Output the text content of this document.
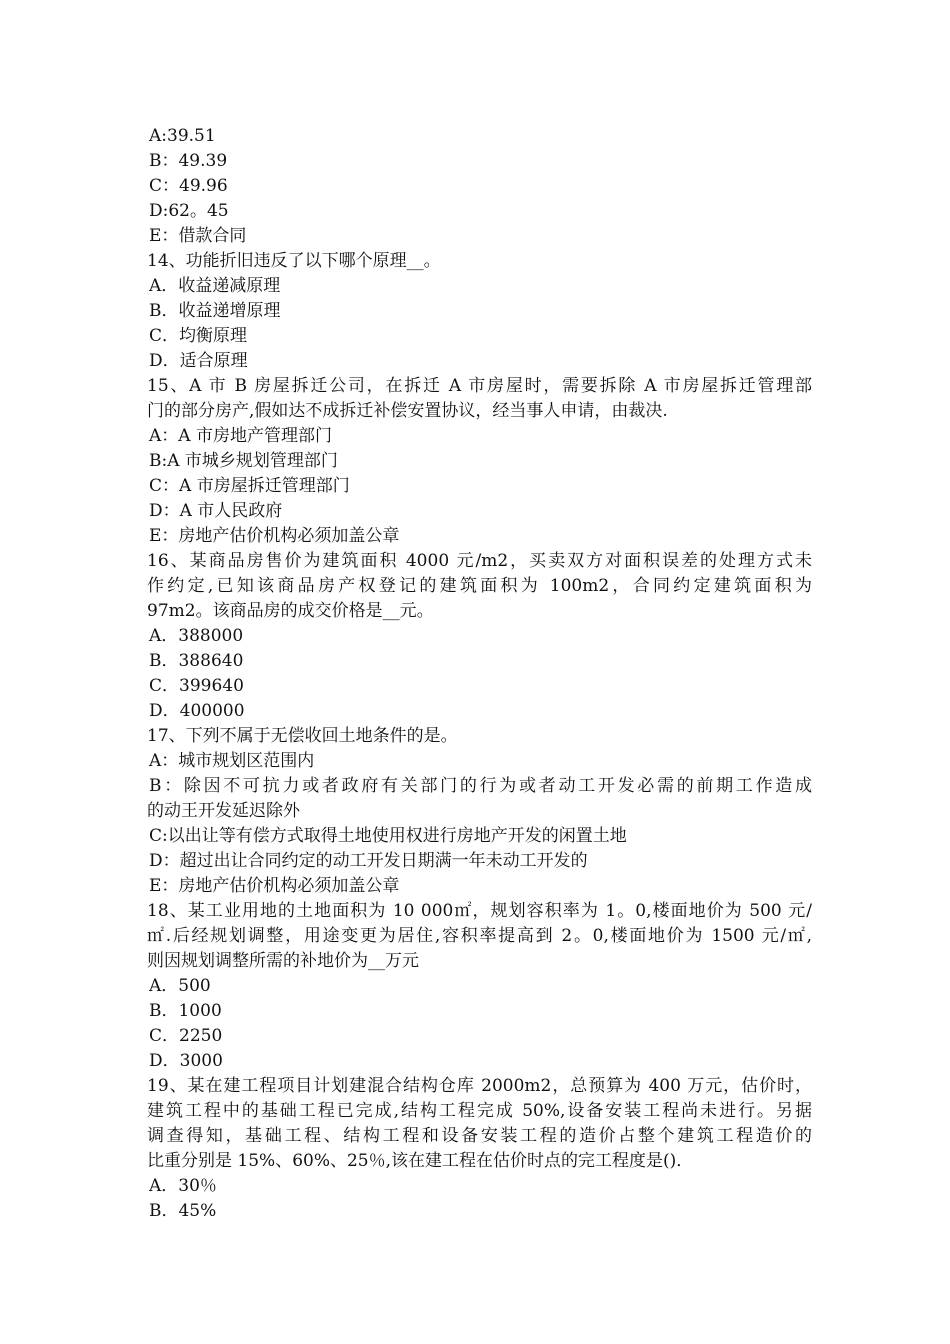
A:39.51
B：49.39
C：49.96
D:62。45
E：借款合同
14、功能折旧违反了以下哪个原理__。
A．收益递减原理
B．收益递增原理
C．均衡原理
D．适合原理
15、A 市 B 房屋拆迁公司，在拆迁 A 市房屋时，需要拆除 A 市房屋拆迁管理部
门的部分房产,假如达不成拆迁补偿安置协议，经当事人申请，由裁决.
A：A 市房地产管理部门
B:A 市城乡规划管理部门
C：A 市房屋拆迁管理部门
D：A 市人民政府
E：房地产估价机构必须加盖公章
16、某商品房售价为建筑面积 4000 元/m2，买卖双方对面积误差的处理方式未
作约定,已知该商品房产权登记的建筑面积为 100m2，合同约定建筑面积为
97m2。该商品房的成交价格是__元。
A．388000
B．388640
C．399640
D．400000
17、下列不属于无偿收回土地条件的是。
A：城市规划区范围内
B：除因不可抗力或者政府有关部门的行为或者动工开发必需的前期工作造成
的动王开发延迟除外
C:以出让等有偿方式取得土地使用权进行房地产开发的闲置土地
D：超过出让合同约定的动工开发日期满一年未动工开发的
E：房地产估价机构必须加盖公章
18、某工业用地的土地面积为 10 000㎡，规划容积率为 1。0,楼面地价为 500 元/
㎡.后经规划调整，用途变更为居住,容积率提高到 2。0,楼面地价为 1500 元/㎡,
则因规划调整所需的补地价为__万元
A．500
B．1000
C．2250
D．3000
19、某在建工程项目计划建混合结构仓库 2000m2，总预算为 400 万元，估价时，
建筑工程中的基础工程已完成,结构工程完成 50%,设备安装工程尚未进行。另据
调查得知，基础工程、结构工程和设备安装工程的造价占整个建筑工程造价的
比重分别是 15%、60%、25％,该在建工程在估价时点的完工程度是()．
A．30％
B．45%
